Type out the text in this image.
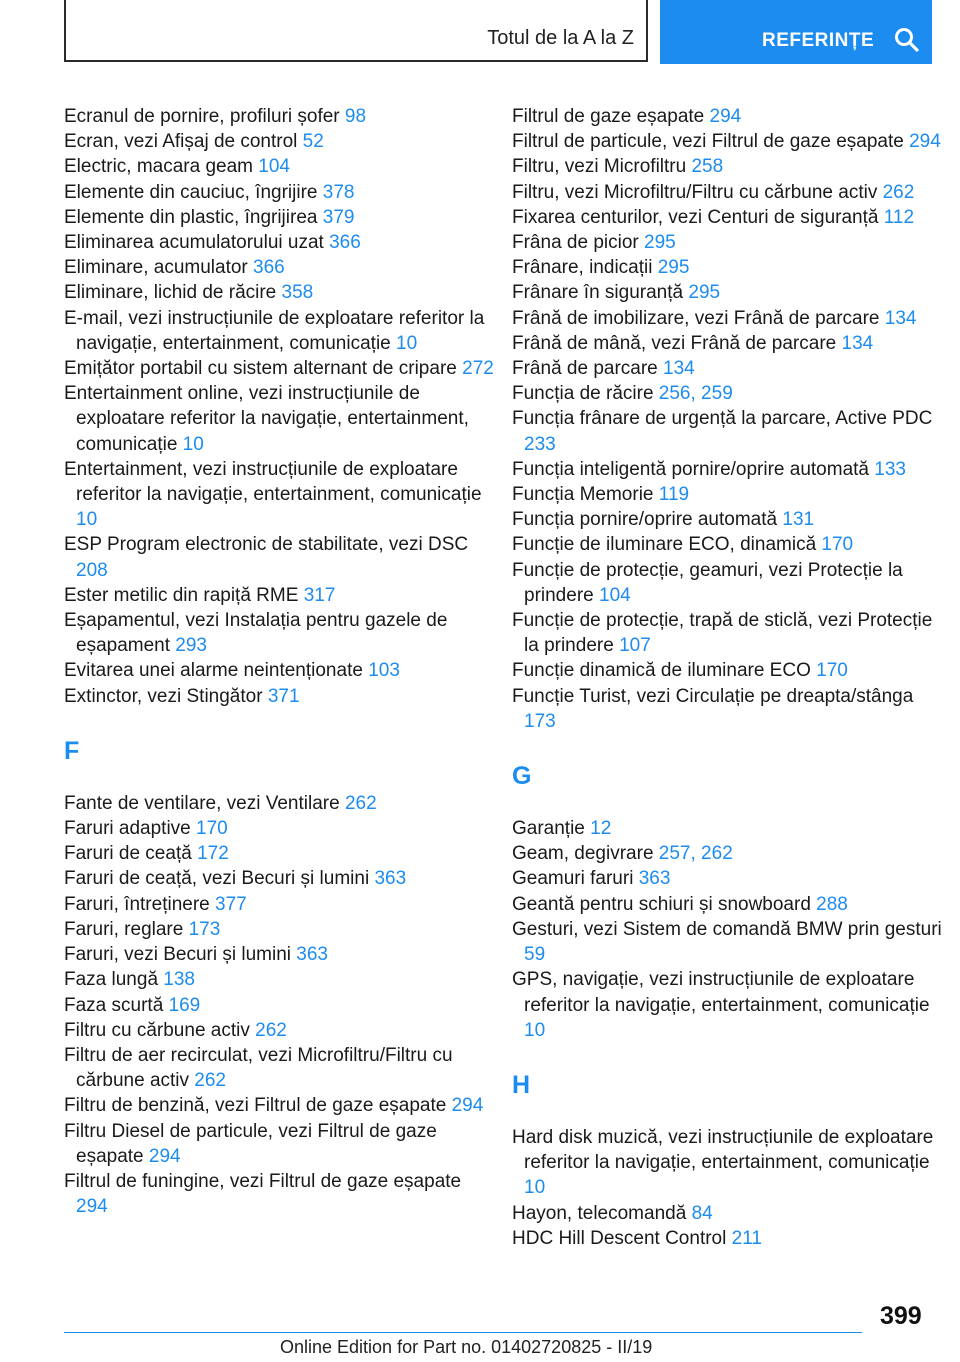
Totul de la A la Z	REFERINȚE
Ecranul de pornire, profiluri șofer 98
Ecran, vezi Afișaj de control 52
Electric, macara geam 104
Elemente din cauciuc, îngrijire 378
Elemente din plastic, îngrijirea 379
Eliminarea acumulatorului uzat 366
Eliminare, acumulator 366
Eliminare, lichid de răcire 358
E-mail, vezi instrucțiunile de exploatare referitor la navigație, entertainment, comunicație 10
Emițător portabil cu sistem alternant de cripare 272
Entertainment online, vezi instrucțiunile de exploatare referitor la navigație, entertainment, comunicație 10
Entertainment, vezi instrucțiunile de exploatare referitor la navigație, entertainment, comunicație 10
ESP Program electronic de stabilitate, vezi DSC 208
Ester metilic din rapiță RME 317
Eșapamentul, vezi Instalația pentru gazele de eșapament 293
Evitarea unei alarme neintenționate 103
Extinctor, vezi Stingător 371
F
Fante de ventilare, vezi Ventilare 262
Faruri adaptive 170
Faruri de ceață 172
Faruri de ceață, vezi Becuri și lumini 363
Faruri, întreținere 377
Faruri, reglare 173
Faruri, vezi Becuri și lumini 363
Faza lungă 138
Faza scurtă 169
Filtru cu cărbune activ 262
Filtru de aer recirculat, vezi Microfiltru/Filtru cu cărbune activ 262
Filtru de benzină, vezi Filtrul de gaze eșapate 294
Filtru Diesel de particule, vezi Filtrul de gaze eșapate 294
Filtrul de funingine, vezi Filtrul de gaze eșapate 294
Filtrul de gaze eșapate 294
Filtrul de particule, vezi Filtrul de gaze eșapate 294
Filtru, vezi Microfiltru 258
Filtru, vezi Microfiltru/Filtru cu cărbune activ 262
Fixarea centurilor, vezi Centuri de siguranță 112
Frâna de picior 295
Frânare, indicații 295
Frânare în siguranță 295
Frână de imobilizare, vezi Frână de parcare 134
Frână de mână, vezi Frână de parcare 134
Frână de parcare 134
Funcția de răcire 256, 259
Funcția frânare de urgență la parcare, Active PDC 233
Funcția inteligentă pornire/oprire automată 133
Funcția Memorie 119
Funcția pornire/oprire automată 131
Funcție de iluminare ECO, dinamică 170
Funcție de protecție, geamuri, vezi Protecție la prindere 104
Funcție de protecție, trapă de sticlă, vezi Protecție la prindere 107
Funcție dinamică de iluminare ECO 170
Funcție Turist, vezi Circulație pe dreapta/stânga 173
G
Garanție 12
Geam, degivrare 257, 262
Geamuri faruri 363
Geantă pentru schiuri și snowboard 288
Gesturi, vezi Sistem de comandă BMW prin gesturi 59
GPS, navigație, vezi instrucțiunile de exploatare referitor la navigație, entertainment, comunicație 10
H
Hard disk muzică, vezi instrucțiunile de exploatare referitor la navigație, entertainment, comunicație 10
Hayon, telecomandă 84
HDC Hill Descent Control 211
399
Online Edition for Part no. 01402720825 - II/19
